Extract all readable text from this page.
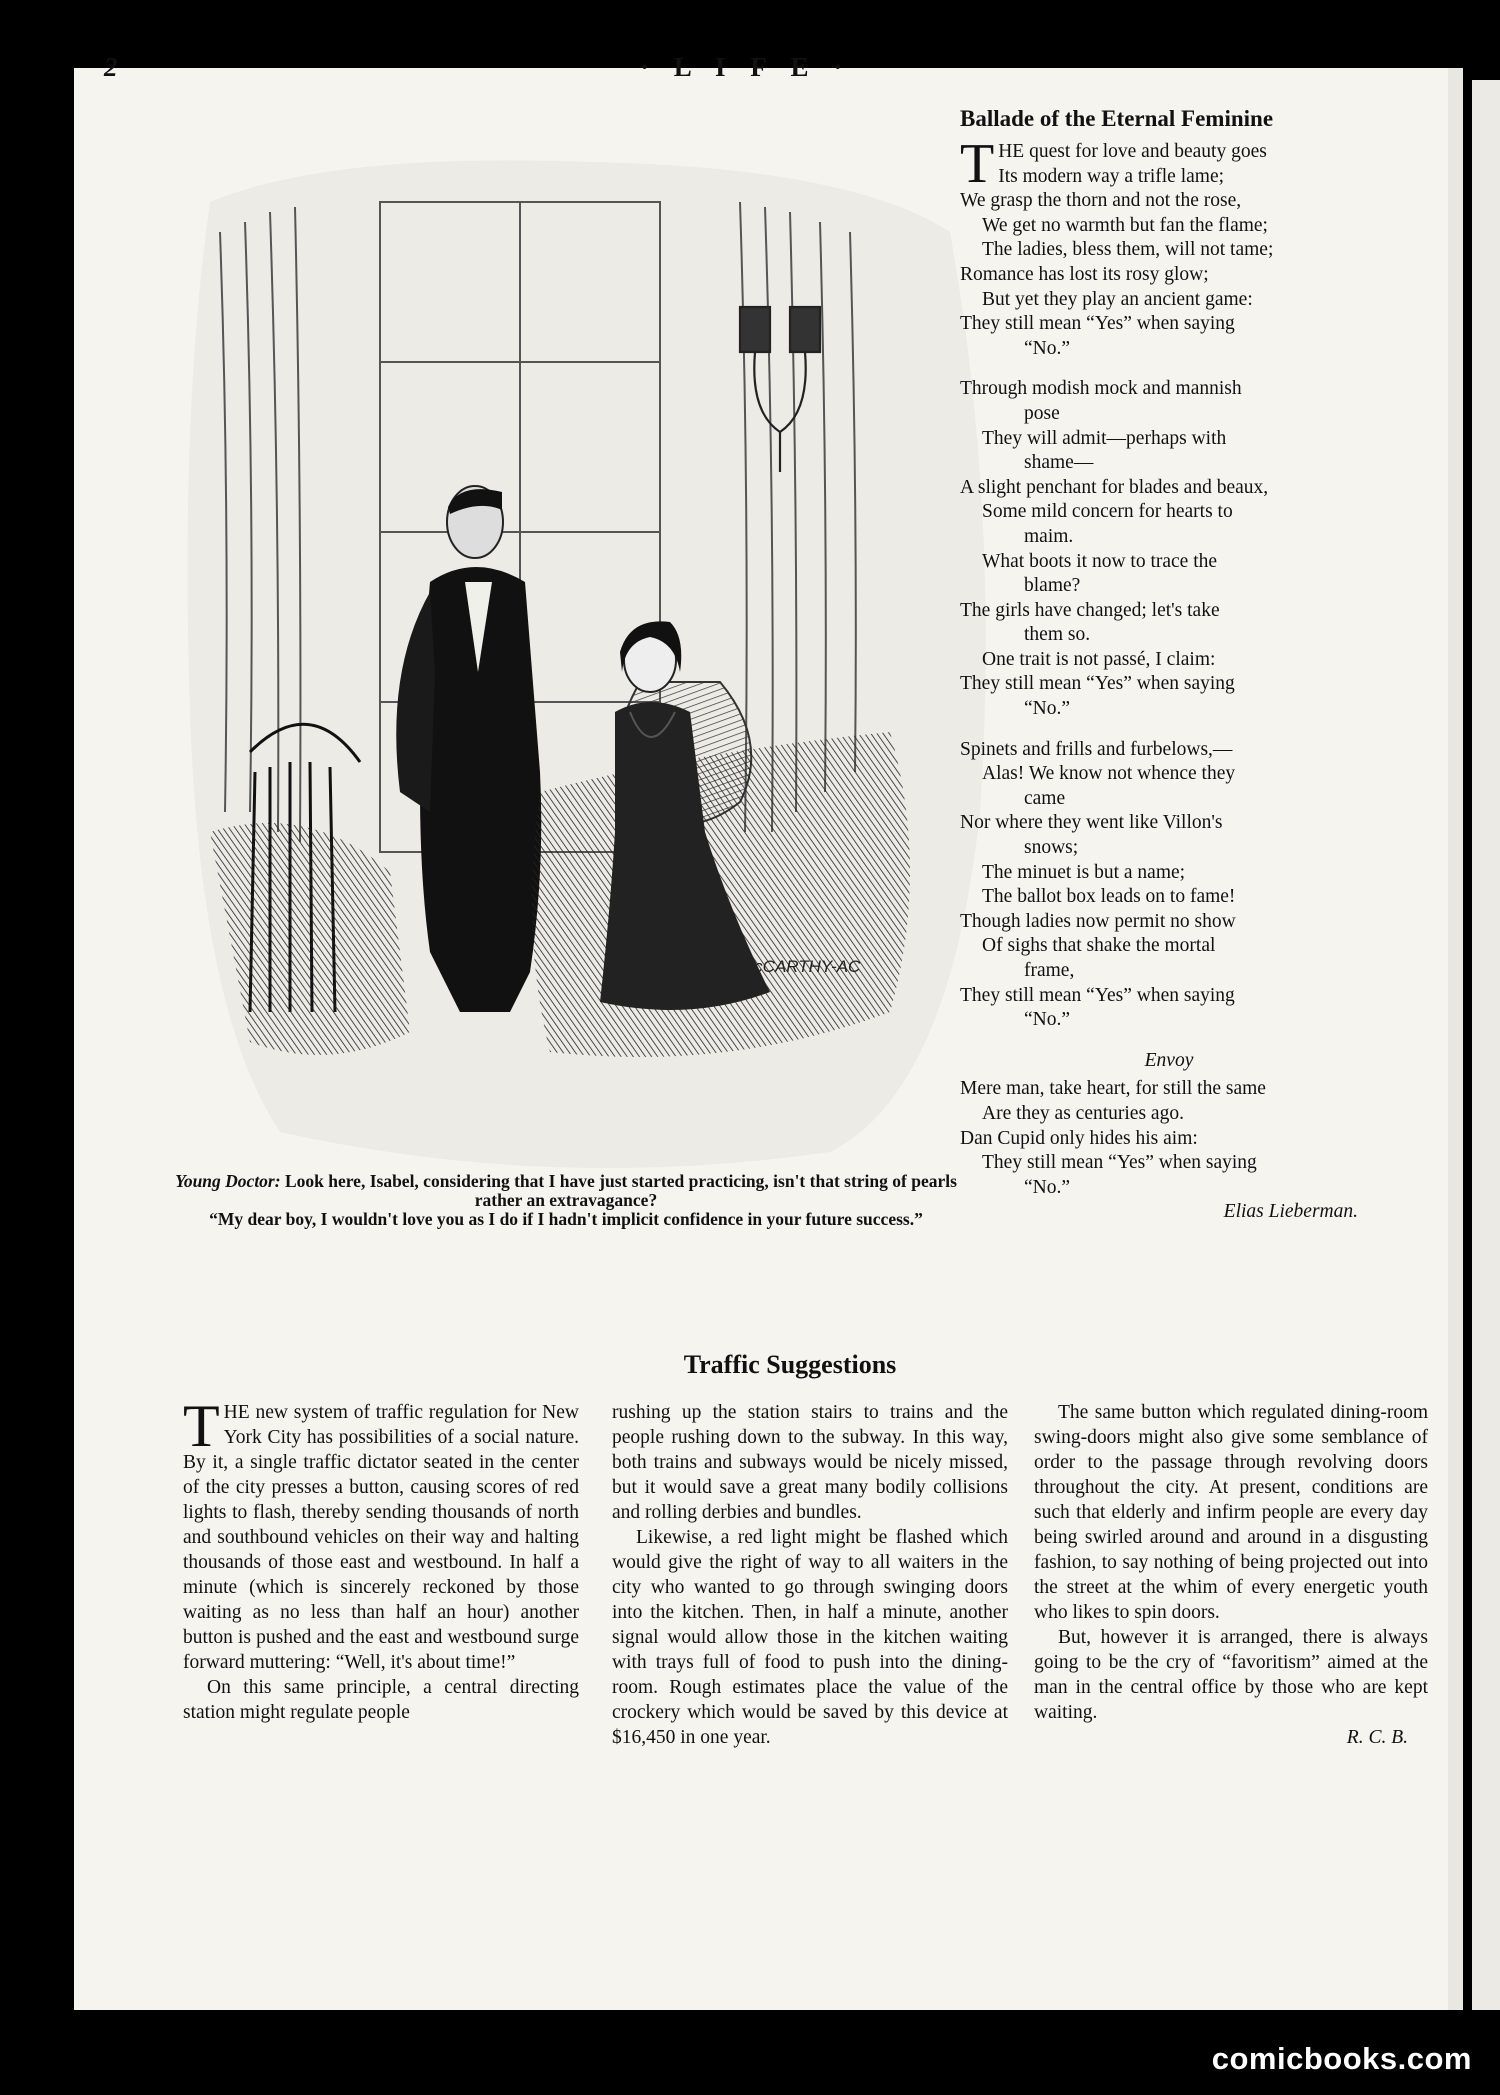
2	· L I F E ·
McCARTHY-AC
Young Doctor: Look here, Isabel, considering that I have just started practicing, isn't that string of pearls rather an extravagance?
“My dear boy, I wouldn't love you as I do if I hadn't implicit confidence in your future success.”
Ballade of the Eternal Feminine
T HE quest for love and beauty goes
Its modern way a trifle lame;
We grasp the thorn and not the rose,
We get no warmth but fan the flame;
The ladies, bless them, will not tame;
Romance has lost its rosy glow;
But yet they play an ancient game:
They still mean “Yes” when saying
“No.”
Through modish mock and mannish
pose
They will admit—perhaps with
shame—
A slight penchant for blades and beaux,
Some mild concern for hearts to
maim.
What boots it now to trace the
blame?
The girls have changed; let's take
them so.
One trait is not passé, I claim:
They still mean “Yes” when saying
“No.”
Spinets and frills and furbelows,—
Alas! We know not whence they
came
Nor where they went like Villon's
snows;
The minuet is but a name;
The ballot box leads on to fame!
Though ladies now permit no show
Of sighs that shake the mortal
frame,
They still mean “Yes” when saying
“No.”
Envoy
Mere man, take heart, for still the same
Are they as centuries ago.
Dan Cupid only hides his aim:
They still mean “Yes” when saying
“No.”
Elias Lieberman.
Traffic Suggestions

THE new system of traffic regulation for New York City has possibilities of a social nature. By it, a single traffic dictator seated in the center of the city presses a button, causing scores of red lights to flash, thereby sending thousands of north and southbound vehicles on their way and halting thousands of those east and westbound. In half a minute (which is sincerely reckoned by those waiting as no less than half an hour) another button is pushed and the east and westbound surge forward muttering: “Well, it's about time!”

On this same principle, a central directing station might regulate people

rushing up the station stairs to trains and the people rushing down to the subway. In this way, both trains and subways would be nicely missed, but it would save a great many bodily collisions and rolling derbies and bundles.

Likewise, a red light might be flashed which would give the right of way to all waiters in the city who wanted to go through swinging doors into the kitchen. Then, in half a minute, another signal would allow those in the kitchen waiting with trays full of food to push into the dining-room. Rough estimates place the value of the crockery which would be saved by this device at $16,450 in one year.

The same button which regulated dining-room swing-doors might also give some semblance of order to the passage through revolving doors throughout the city. At present, conditions are such that elderly and infirm people are every day being swirled around and around in a disgusting fashion, to say nothing of being projected out into the street at the whim of every energetic youth who likes to spin doors.

But, however it is arranged, there is always going to be the cry of “favoritism” aimed at the man in the central office by those who are kept waiting.

R. C. B.
comicbooks.com
